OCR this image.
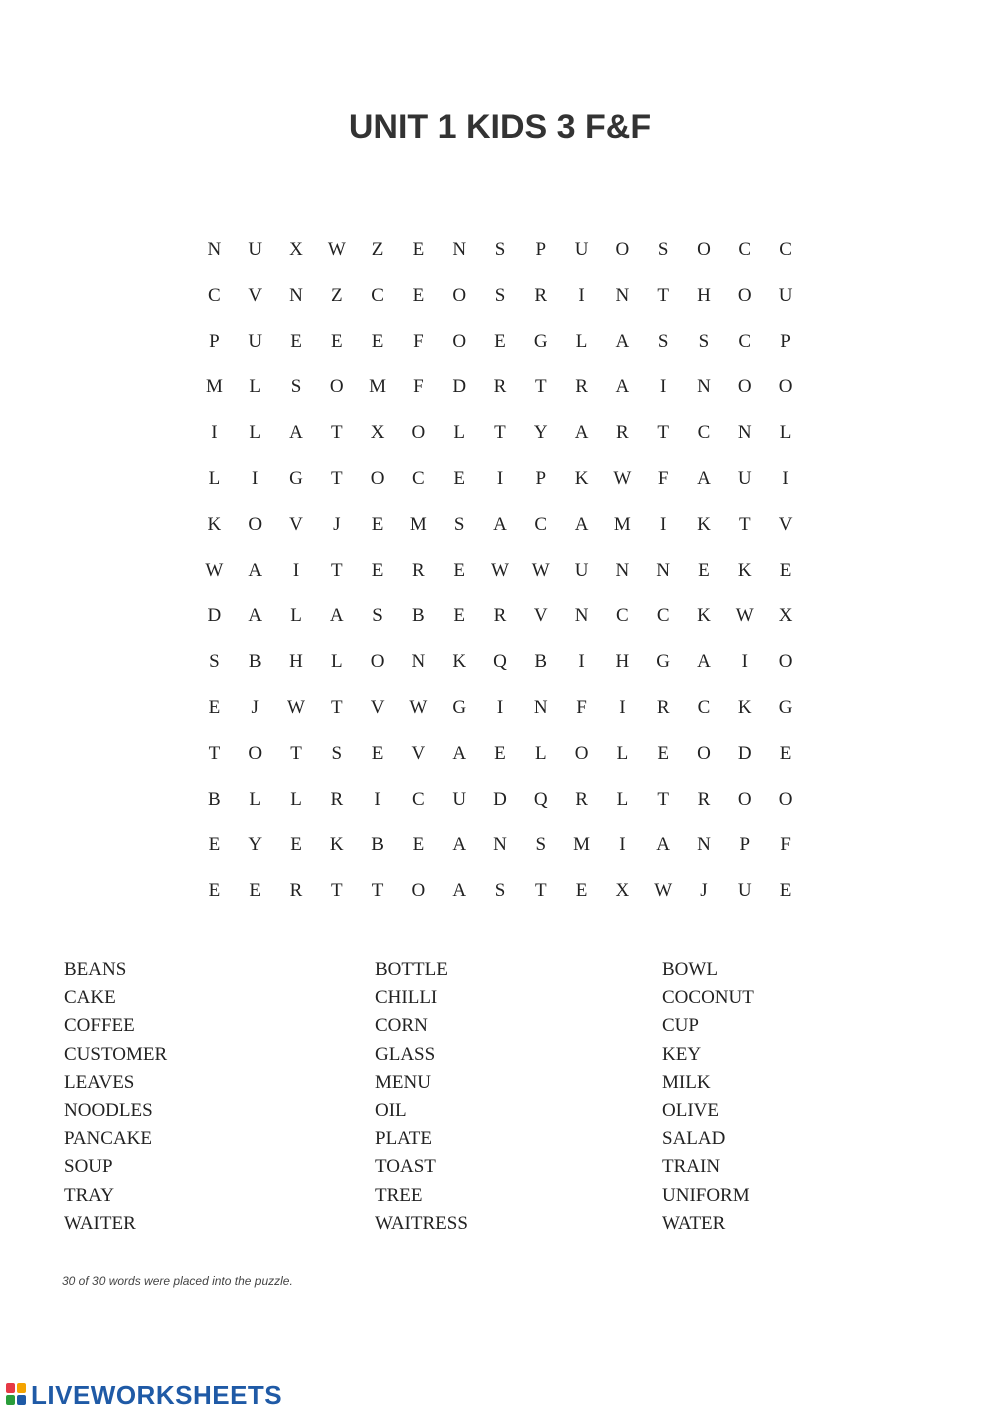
UNIT 1 KIDS 3 F&F
N	U	X	W	Z	E	N	S	P	U	O	S	O	C	C
C	V	N	Z	C	E	O	S	R	I	N	T	H	O	U
P	U	E	E	E	F	O	E	G	L	A	S	S	C	P
M	L	S	O	M	F	D	R	T	R	A	I	N	O	O
I	L	A	T	X	O	L	T	Y	A	R	T	C	N	L
L	I	G	T	O	C	E	I	P	K	W	F	A	U	I
K	O	V	J	E	M	S	A	C	A	M	I	K	T	V
W	A	I	T	E	R	E	W	W	U	N	N	E	K	E
D	A	L	A	S	B	E	R	V	N	C	C	K	W	X
S	B	H	L	O	N	K	Q	B	I	H	G	A	I	O
E	J	W	T	V	W	G	I	N	F	I	R	C	K	G
T	O	T	S	E	V	A	E	L	O	L	E	O	D	E
B	L	L	R	I	C	U	D	Q	R	L	T	R	O	O
E	Y	E	K	B	E	A	N	S	M	I	A	N	P	F
E	E	R	T	T	O	A	S	T	E	X	W	J	U	E
BEANS
CAKE
COFFEE
CUSTOMER
LEAVES
NOODLES
PANCAKE
SOUP
TRAY
WAITER
BOTTLE
CHILLI
CORN
GLASS
MENU
OIL
PLATE
TOAST
TREE
WAITRESS
BOWL
COCONUT
CUP
KEY
MILK
OLIVE
SALAD
TRAIN
UNIFORM
WATER
30 of 30 words were placed into the puzzle.
LIVEWORKSHEETS
